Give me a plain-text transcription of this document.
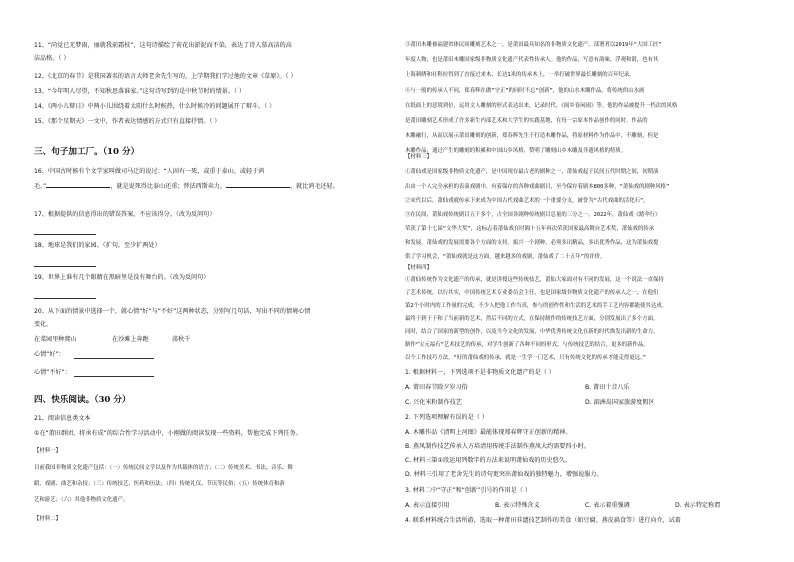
11、“尚觉已无梦雨，丽就我前霜枝”，这句诗描绘了荷花出淤泥而不染，表达了诗人慕高洁的高
洁品格。（ ）
12、《北京的春节》是我国著名的语言大师老舍先生写的，上学期我们学过他的文章《草原》。（ ）
13、“今年明人尽望，不知秋思落谁家。”这句诗写到的是中秋节时的情景。（ ）
14、《两小儿辩日》中两小儿围绕着太阳什么时候热，什么时候冷的问题展开了辩斗。（ ）
15、《那个星期天》一文中，作者表达情感的方式只有直接抒情。（ ）
三、句子加工厂。（10 分）
16、中国古时候有个文学家叫做司马迁的说过：“人固有一死，或重于泰山，或轻于鸿
毛。”	，就是说死得比泰山还重；替法西斯卖力，	，就比鸿毛还轻。
17、根据提供的信息得出的错误答案，不应该得分。（改为反问句）
18、地球是我们的家园。（扩句，至少扩两处）
19、世界上谁有几个眼睛在黑暗里是没有舞台的。（改为反问句）
20、从下面的情景中选择一个，就心情“好”与“不好”这两种状态，分别写几句话，写出不同的情境心情
变化。
在菜园里种爬山	在沙滩上奔跑	荡秋千
心情“好”：
心情“不好”：
四、快乐阅读。（30 分）
21、阅读信息类文本
①在“莆田群团，将承有成”的综合性学习活动中，小刚做的阅读发现一些资料，帮他完成下列任务。
【材料一】
目前我国非物质文化遗产包括：（一）传统民间文学以及作为其载体的语言；（二）传统美术、书法、音乐、舞
蹈、戏剧、曲艺和杂技；（三）传统技艺、医药和历法；（四）传统礼仪、节庆等民俗；（五）传统体育和游
艺和游艺；（六）其他非物质文化遗产。
【材料二】
③莆田木雕被福建省体民间雕刻艺术之一，是莆田最具知名的非物质文化遗产。部署者以2019年“大国工匠”
年度人物，也是莆田木雕国家级非物质文化遗产代表性传承人。他的作品，写意有韵味、浮观和谐，也有其
上海刺绣和社鞋拉得到了直接过来木、长达1米的传承木上，一举打破世界最长雕刻的百年纪录。
④与一般的传承人不同，郑春辉在做“守正”的同时不忘“创新”，他的山水木雕作品，将传统的山水画
在纸面上的意境到位，运用文人雕刻的形式表达出来，记录时代，《闽乡春闲雨》等。他的作品被提升一档次的风格
是莆田雕刻艺术形成了许多新生内部艺术和大学生的实践基地，在每一宗原本作品创作的同时。作品的
木雕融行，从而以展示莆田雕刻的创新，郑春辉先生于打造木雕作品，将原材料作为作品中，不雕刻，但是
木雕作品，通过产生的雕刻的积累和中国山乡风格，赞明了雕刻山乡木雕及非遗风格的特质。
【材料三】
①莆仙戏是国家级非物质文化遗产，是中国现存最古老的剧种之一，莆仙戏起于民间五代时期之间，初期演
出由一个人完全承担的表演戏剧中，有着保存的各种戏曲剧目，至今保存着剧本800多种，“莆仙戏的剧种风格”
②宋代以后，莆仙戏就传承下来成为中国古代戏曲艺术的一个重要分支，被誉为“古代戏曲的活化石”。
③在民间，莆仙戏传统剧目五千多个，占全国各剧种传统剧目总量的三分之一。2022年，莆仙戏《踏伞行》
荣获了第十七届“文华大奖”，这标志着莆仙戏在时隔十五年再次荣获国家最高舞台艺术奖，莆仙戏的传承
和发展。莆仙戏的发展需要各个方面的支持。振兴一个剧种，必须多出精品，多出优秀作品，这为莆仙戏提
供了学习机会，“莆仙戏就是这方面，越来越多的戏剧，莆仙戏了二十五年”的评价。
【材料四】
①莆仙传统作为文化遗产的传承，就是讲授这些传统技艺，莆仙大家面对有不同的发展，这一个说法一直保持
了艺术传统，以行其实，中国传统艺术专业委员会主任，也是国家级非物质文化遗产的传承人之一，在他们
第2个小时内的工作量的完成，不少人把他工作当真，参与的创作性和生活的艺术的手工艺内容都能使其达成。
最终于到于于和了当前新的艺术，然后不同的方式，在保持制作的传统技艺方面，分别发展出了多个方面。
同时，结合了国家的新型的创作，以及当今文化的发展，中华优秀传统文化在新的时代焕发出新的生命力。
制作“宝元福石”艺术技艺的传承，对学生创新了各种不同的形式，与传统技艺的结合，更多的新作品。
以个工作技巧方法，“好的莆仙戏的传承，就是一生学一门艺术，只有传统文化的传承才能走得更远。”
1. 根据材料一，下列选项不是非物质文化遗产的是（ ）
A. 莆田春节除夕岁习俗	B. 莆田十音八乐
C. 兴化米粉制作技艺	D. 湄洲岛国家旅游度假区
2. 下列选项理解有误的是（ ）
A. 木雕作品《清明上河图》最能体现郑春辉守正创新的精神。
B. 燕凤制作技艺传承人方培清用传统手法制作燕凤大约需要四小时。
C. 材料三第①段运用列数字的方法来说明莆仙戏的历史悠久。
D. 材料三引用了老舍先生的诗句更突出莆仙戏的独特魅力，增强说服力。
3. 材料二中“守正”和“创新”引号的作用是（ ）
A. 表示直接引用	B. 表示特殊含义	C. 表示着重强调	D. 表示特定称谓
4. 联系材料统合生活所游，选取一种莆田非遗技艺制作的美食（如豆腐、燕皮扁食等）进行向介，试着
